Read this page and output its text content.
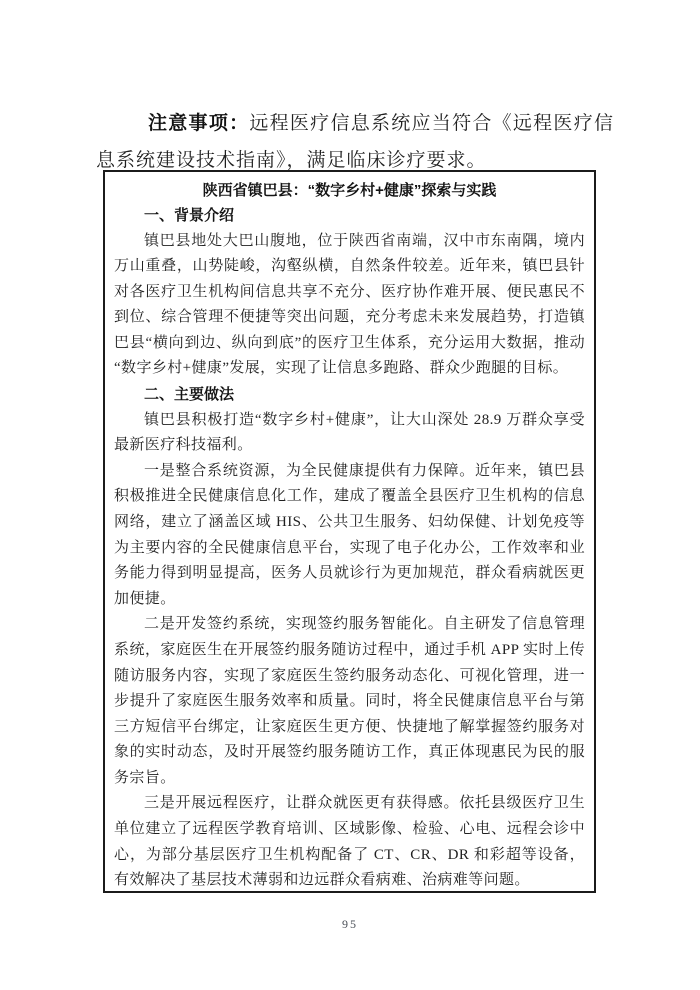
注意事项：远程医疗信息系统应当符合《远程医疗信息系统建设技术指南》，满足临床诊疗要求。

陕西省镇巴县：“数字乡村+健康”探索与实践
一、背景介绍

镇巴县地处大巴山腹地，位于陕西省南端，汉中市东南隅，境内万山重叠，山势陡峻，沟壑纵横，自然条件较差。近年来，镇巴县针对各医疗卫生机构间信息共享不充分、医疗协作难开展、便民惠民不到位、综合管理不便捷等突出问题，充分考虑未来发展趋势，打造镇巴县“横向到边、纵向到底”的医疗卫生体系，充分运用大数据，推动“数字乡村+健康”发展，实现了让信息多跑路、群众少跑腿的目标。

二、主要做法

镇巴县积极打造“数字乡村+健康”，让大山深处 28.9 万群众享受最新医疗科技福利。

一是整合系统资源，为全民健康提供有力保障。近年来，镇巴县积极推进全民健康信息化工作，建成了覆盖全县医疗卫生机构的信息网络，建立了涵盖区域 HIS、公共卫生服务、妇幼保健、计划免疫等为主要内容的全民健康信息平台，实现了电子化办公，工作效率和业务能力得到明显提高，医务人员就诊行为更加规范，群众看病就医更加便捷。

二是开发签约系统，实现签约服务智能化。自主研发了信息管理系统，家庭医生在开展签约服务随访过程中，通过手机 APP 实时上传随访服务内容，实现了家庭医生签约服务动态化、可视化管理，进一步提升了家庭医生服务效率和质量。同时，将全民健康信息平台与第三方短信平台绑定，让家庭医生更方便、快捷地了解掌握签约服务对象的实时动态，及时开展签约服务随访工作，真正体现惠民为民的服务宗旨。

三是开展远程医疗，让群众就医更有获得感。依托县级医疗卫生单位建立了远程医学教育培训、区域影像、检验、心电、远程会诊中心，为部分基层医疗卫生机构配备了 CT、CR、DR 和彩超等设备，有效解决了基层技术薄弱和边远群众看病难、治病难等问题。

95
